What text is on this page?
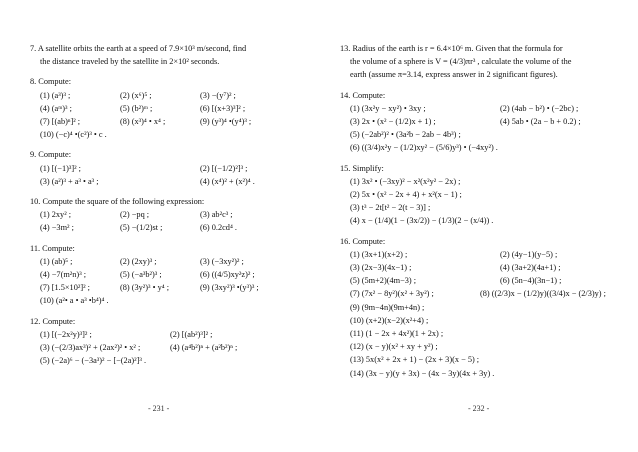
7. A satellite orbits the earth at a speed of 7.9×10³ m/second, find
the distance traveled by the satellite in 2×10² seconds.
8. Compute:
(1) (a³)³ ;	(2) (x⁶)⁵ ;	(3) −(y⁷)² ;
(4) (aᵐ)³ ;	(5) (b²)ᵐ ;	(6) [(x+3)³]² ;
(7) [(ab)ⁿ]² ;	(8) (x³)⁴ • x⁴ ;	(9) (y³)⁴ •(y⁴)³ ;
(10) (−c)⁴ •(c²)³ • c .
9. Compute:
(1) [(−1)³]² ;	(2) [(−1/2)²]³ ;
(3) (a²)³ + a³ • a³ ;	(4) (x⁴)² + (x²)⁴ .
10. Compute the square of the following expression:
(1) 2xy² ;	(2) −pq ;	(3) ab²c³ ;
(4) −3m² ;	(5) −(1/2)st ;	(6) 0.2cd⁴ .
11. Compute:
(1) (ab)⁵ ;	(2) (2xy)³ ;	(3) (−3xy²)² ;
(4) −7(m²n)³ ;	(5) (−a³b²)³ ;	(6) ((4/5)xy²z)² ;
(7) [1.5×10²]² ;	(8) (3y²)³ • y⁴ ;	(9) (3xy²)³ •(y³)³ ;
(10) (a²• a • a³ •b⁴)⁴ .
12. Compute:
(1) [(−2x²y)³]² ;	(2) [(ab²)³]² ;
(3) (−(2/3)ax³)² + (2ax²)² • x² ;	(4) (a⁴b²)ⁿ + (a²b²)ⁿ ;
(5) (−2a)⁶ − (−3a³)² − [−(2a)²]³ .
13. Radius of the earth is r = 6.4×10⁶ m. Given that the formula for
the volume of a sphere is V = (4/3)πr³ , calculate the volume of the
earth (assume π=3.14, express answer in 2 significant figures).
14. Compute:
(1) (3x²y − xy²) • 3xy ;	(2) (4ab − b²) • (−2bc) ;
(3) 2x • (x² − (1/2)x + 1) ;	(4) 5ab • (2a − b + 0.2) ;
(5) (−2ab²)² • (3a²b − 2ab − 4b³) ;
(6) ((3/4)x²y − (1/2)xy² − (5/6)y³) • (−4xy²) .
15. Simplify:
(1) 3x² • (−3xy)² − x²(x²y² − 2x) ;
(2) 5x • (x² − 2x + 4) + x²(x − 1) ;
(3) t³ − 2t[t² − 2(t − 3)] ;
(4) x − (1/4)(1 − (3x/2)) − (1/3)(2 − (x/4)) .
16. Compute:
(1) (3x+1)(x+2) ;	(2) (4y−1)(y−5) ;
(3) (2x−3)(4x−1) ;	(4) (3a+2)(4a+1) ;
(5) (5m+2)(4m−3) ;	(6) (5n−4)(3n−1) ;
(7) (7x² − 8y²)(x² + 3y²) ;	(8) ((2/3)x − (1/2)y)((3/4)x − (2/3)y) ;
(9) (9m−4n)(9m+4n) ;
(10) (x+2)(x−2)(x²+4) ;
(11) (1 − 2x + 4x²)(1 + 2x) ;
(12) (x − y)(x² + xy + y²) ;
(13) 5x(x² + 2x + 1) − (2x + 3)(x − 5) ;
(14) (3x − y)(y + 3x) − (4x − 3y)(4x + 3y) .
- 231 -	- 232 -
